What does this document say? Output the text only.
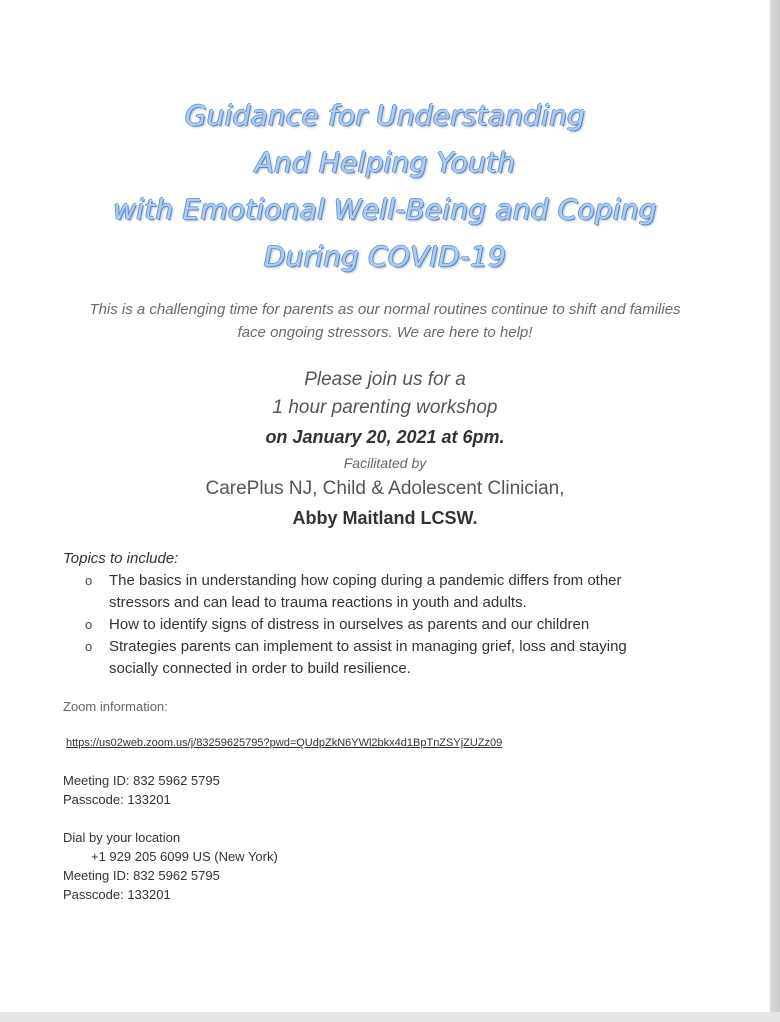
Guidance for Understanding
And Helping Youth
with Emotional Well-Being and Coping
During COVID-19
This is a challenging time for parents as our normal routines continue to shift and families
face ongoing stressors. We are here to help!
Please join us for a
1 hour parenting workshop
on January 20, 2021 at 6pm.
Facilitated by
CarePlus NJ, Child & Adolescent Clinician,
Abby Maitland LCSW.
Topics to include:
o The basics in understanding how coping during a pandemic differs from other
stressors and can lead to trauma reactions in youth and adults.
o How to identify signs of distress in ourselves as parents and our children
o Strategies parents can implement to assist in managing grief, loss and staying
socially connected in order to build resilience.
Zoom information:
https://us02web.zoom.us/j/83259625795?pwd=QUdpZkN6YWl2bkx4d1BpTnZSYjZUZz09
Meeting ID: 832 5962 5795
Passcode: 133201
Dial by your location
+1 929 205 6099 US (New York)
Meeting ID: 832 5962 5795
Passcode: 133201
